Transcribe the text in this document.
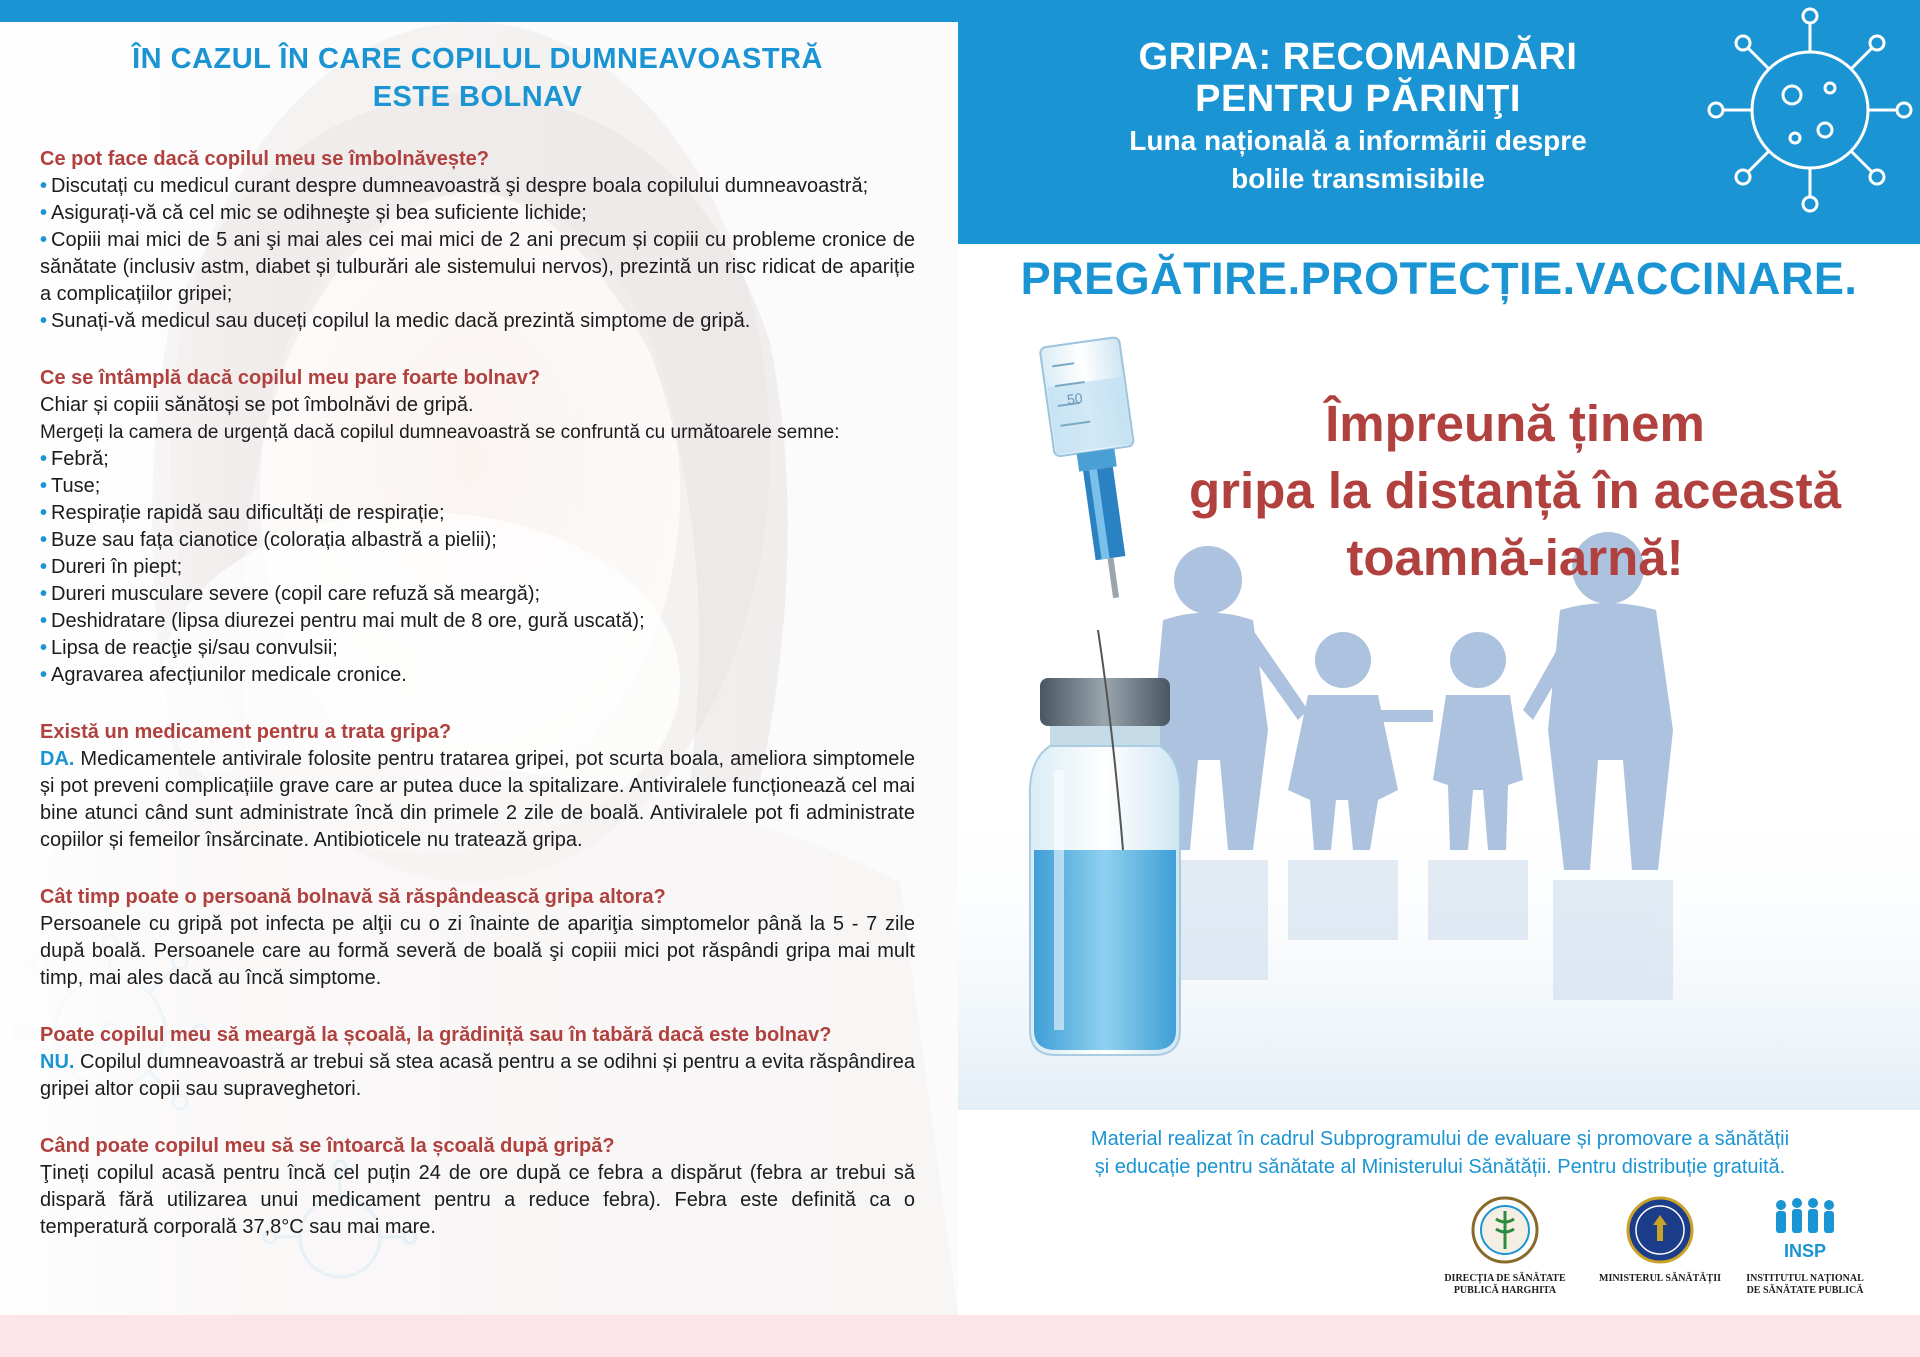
ÎN CAZUL ÎN CARE COPILUL DUMNEAVOASTRĂ
ESTE BOLNAV
Ce pot face dacă copilul meu se îmbolnăvește?
• Discutați cu medicul curant despre dumneavoastră şi despre boala copilului dumneavoastră;
• Asigurați-vă că cel mic se odihneşte și bea suficiente lichide;
• Copiii mai mici de 5 ani şi mai ales cei mai mici de 2 ani precum și copiii cu probleme cronice de sănătate (inclusiv astm, diabet și tulburări ale sistemului nervos), prezintă un risc ridicat de apariție a complicațiilor gripei;
• Sunați-vă medicul sau duceți copilul la medic dacă prezintă simptome de gripă.
Ce se întâmplă dacă copilul meu pare foarte bolnav?
Chiar și copiii sănătoși se pot îmbolnăvi de gripă.
Mergeți la camera de urgență dacă copilul dumneavoastră se confruntă cu următoarele semne:
• Febră;
• Tuse;
• Respirație rapidă sau dificultăți de respirație;
• Buze sau fața cianotice (colorația albastră a pielii);
• Dureri în piept;
• Dureri musculare severe (copil care refuză să meargă);
• Deshidratare (lipsa diurezei pentru mai mult de 8 ore, gură uscată);
• Lipsa de reacţie și/sau convulsii;
• Agravarea afecțiunilor medicale cronice.
Există un medicament pentru a trata gripa?
DA. Medicamentele antivirale folosite pentru tratarea gripei, pot scurta boala, ameliora simptomele și pot preveni complicațiile grave care ar putea duce la spitalizare. Antiviralele funcționează cel mai bine atunci când sunt administrate încă din primele 2 zile de boală. Antiviralele pot fi administrate copiilor și femeilor însărcinate. Antibioticele nu tratează gripa.
Cât timp poate o persoană bolnavă să răspândească gripa altora?
Persoanele cu gripă pot infecta pe alţii cu o zi înainte de apariţia simptomelor până la 5 - 7 zile după boală. Persoanele care au formă severă de boală şi copiii mici pot răspândi gripa mai mult timp, mai ales dacă au încă simptome.
Poate copilul meu să meargă la școală, la grădiniță sau în tabără dacă este bolnav?
NU. Copilul dumneavoastră ar trebui să stea acasă pentru a se odihni și pentru a evita răspândirea gripei altor copii sau supraveghetori.
Când poate copilul meu să se întoarcă la școală după gripă?
Ţineți copilul acasă pentru încă cel puțin 24 de ore după ce febra a dispărut (febra ar trebui să dispară fără utilizarea unui medicament pentru a reduce febra). Febra este definită ca o temperatură corporală 37,8°C sau mai mare.
GRIPA: RECOMANDĂRI
PENTRU PĂRINŢI
Luna națională a informării despre
bolile transmisibile
PREGĂTIRE.PROTECȚIE.VACCINARE.
50	Împreună ținem
gripa la distanță în această
toamnă-iarnă!
Material realizat în cadrul Subprogramului de evaluare și promovare a sănătății
și educație pentru sănătate al Ministerului Sănătății. Pentru distribuție gratuită.
DIRECȚIA DE SĂNĂTATE
PUBLICĂ HARGHITA
MINISTERUL SĂNĂTĂȚII
INSP
INSTITUTUL NAȚIONAL
DE SĂNĂTATE PUBLICĂ
